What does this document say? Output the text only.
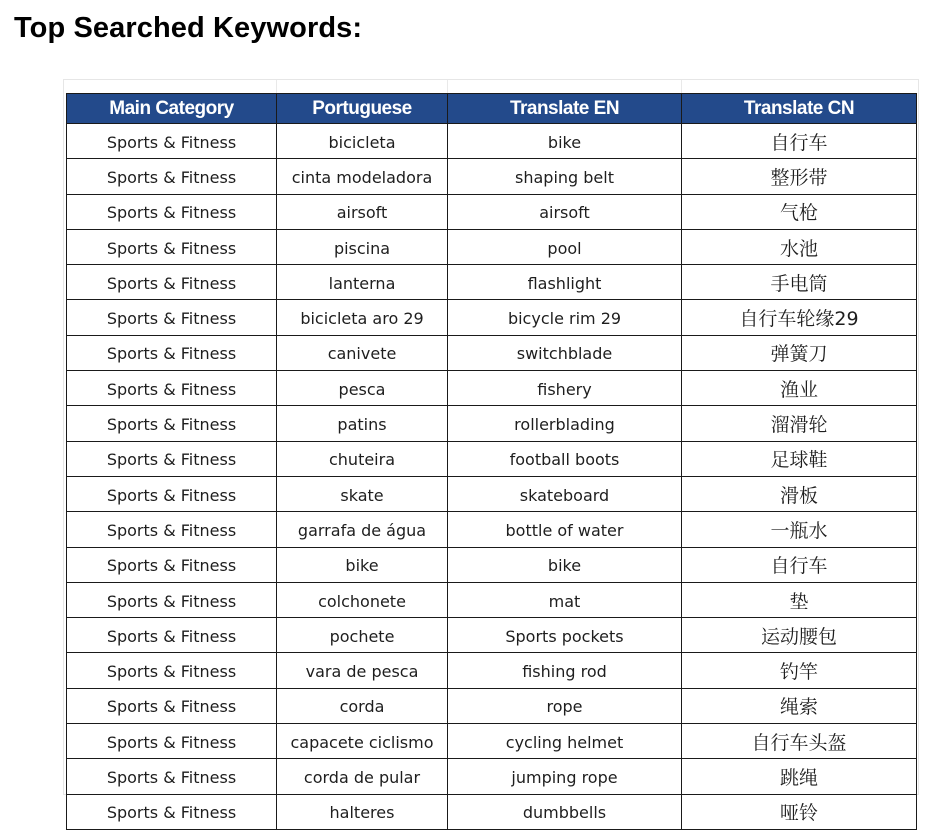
Top Searched Keywords:
Main Category	Portuguese	Translate EN	Translate CN
Sports & Fitness	bicicleta	bike	自行车
Sports & Fitness	cinta modeladora	shaping belt	整形带
Sports & Fitness	airsoft	airsoft	气枪
Sports & Fitness	piscina	pool	水池
Sports & Fitness	lanterna	flashlight	手电筒
Sports & Fitness	bicicleta aro 29	bicycle rim 29	自行车轮缘29
Sports & Fitness	canivete	switchblade	弹簧刀
Sports & Fitness	pesca	fishery	渔业
Sports & Fitness	patins	rollerblading	溜滑轮
Sports & Fitness	chuteira	football boots	足球鞋
Sports & Fitness	skate	skateboard	滑板
Sports & Fitness	garrafa de água	bottle of water	一瓶水
Sports & Fitness	bike	bike	自行车
Sports & Fitness	colchonete	mat	垫
Sports & Fitness	pochete	Sports pockets	运动腰包
Sports & Fitness	vara de pesca	fishing rod	钓竿
Sports & Fitness	corda	rope	绳索
Sports & Fitness	capacete ciclismo	cycling helmet	自行车头盔
Sports & Fitness	corda de pular	jumping rope	跳绳
Sports & Fitness	halteres	dumbbells	哑铃
